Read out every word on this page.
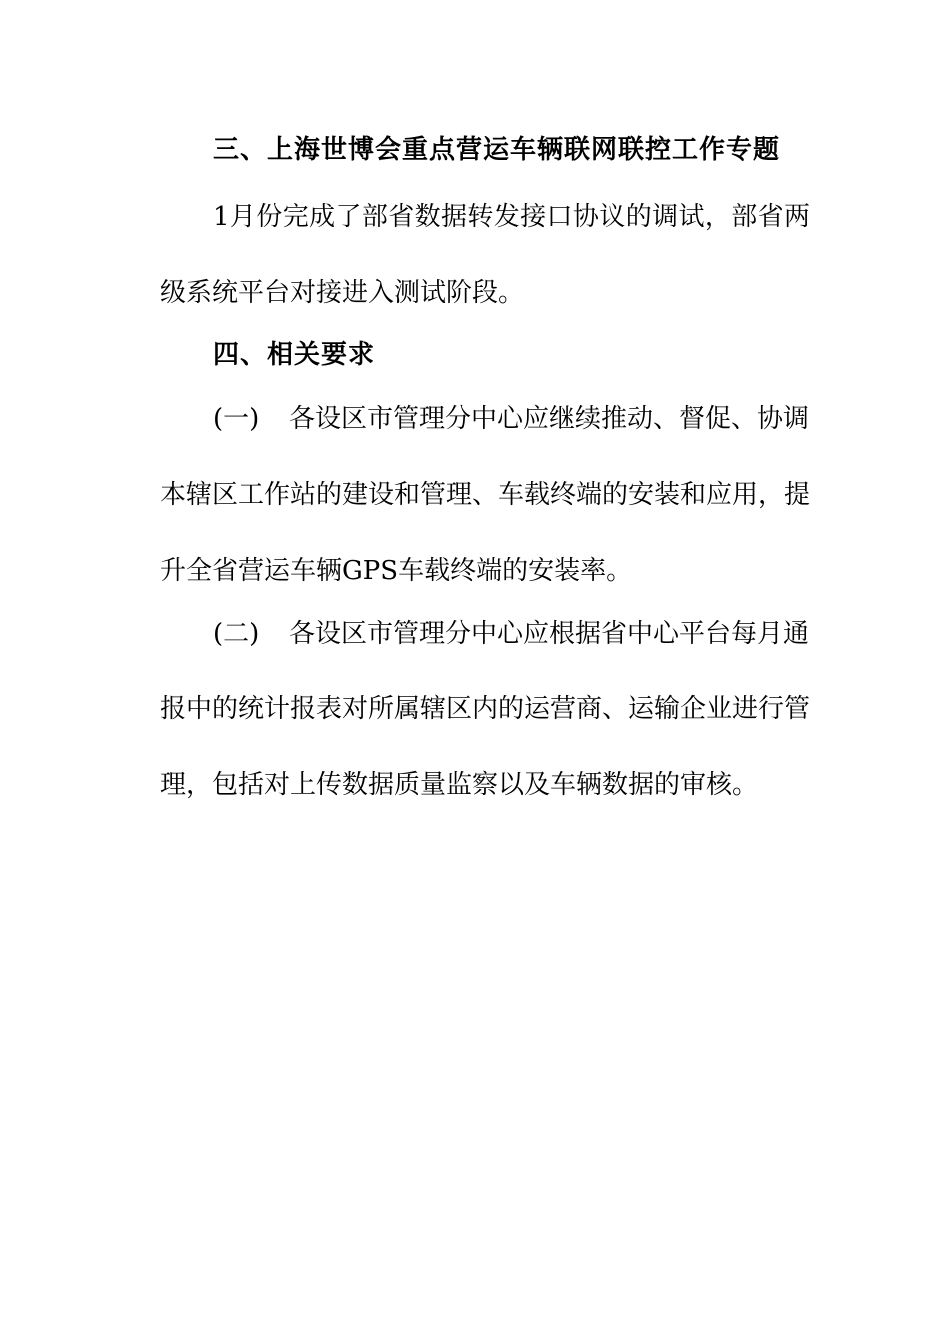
三、上海世博会重点营运车辆联网联控工作专题
1月份完成了部省数据转发接口协议的调试，部省两
级系统平台对接进入测试阶段。
四、相关要求
(一) 各设区市管理分中心应继续推动、督促、协调
本辖区工作站的建设和管理、车载终端的安装和应用，提
升全省营运车辆GPS车载终端的安装率。
(二) 各设区市管理分中心应根据省中心平台每月通
报中的统计报表对所属辖区内的运营商、运输企业进行管
理，包括对上传数据质量监察以及车辆数据的审核。
